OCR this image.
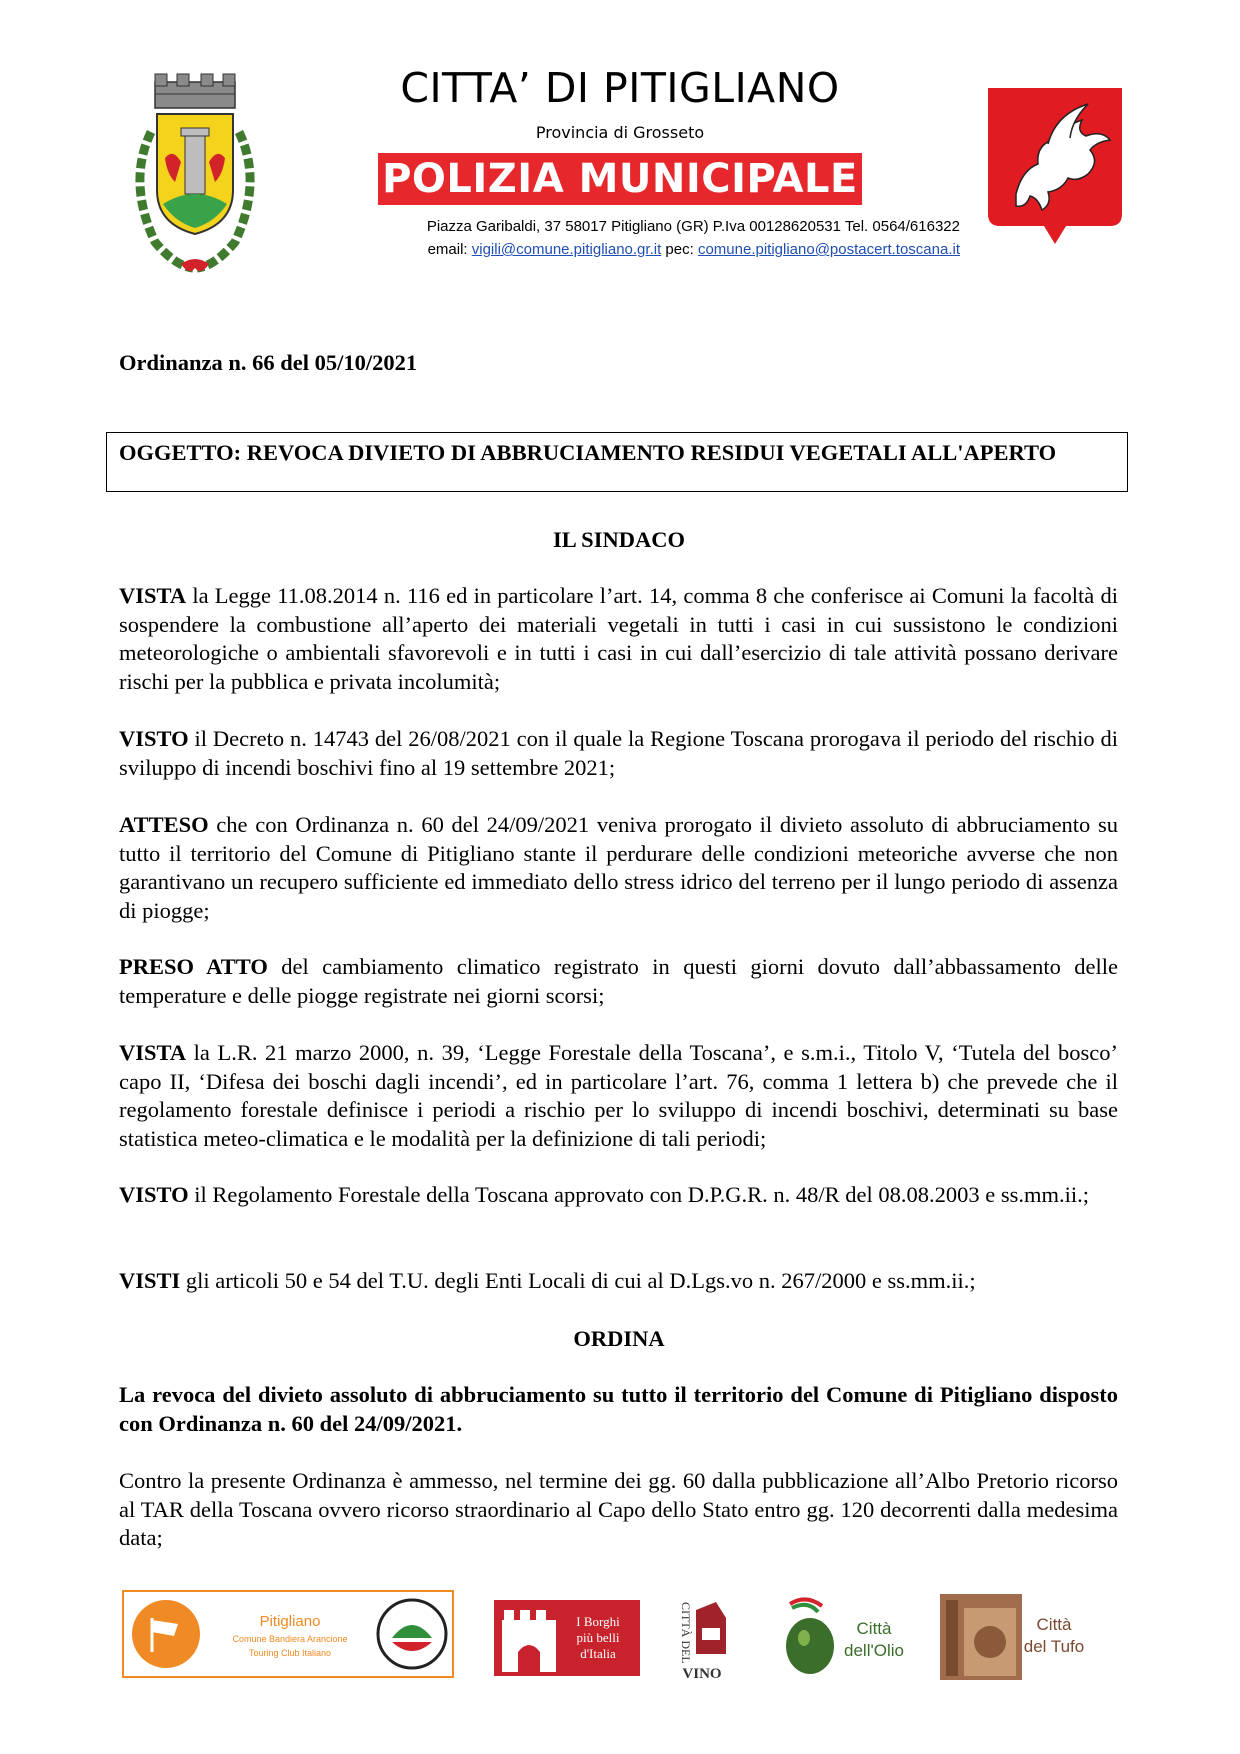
CITTA’ DI PITIGLIANO
Provincia di Grosseto
POLIZIA MUNICIPALE
Piazza Garibaldi, 37 58017 Pitigliano (GR) P.Iva 00128620531 Tel. 0564/616322
email: vigili@comune.pitigliano.gr.it pec: comune.pitigliano@postacert.toscana.it
Ordinanza n. 66 del 05/10/2021
OGGETTO: REVOCA DIVIETO DI ABBRUCIAMENTO RESIDUI VEGETALI ALL'APERTO
IL SINDACO

VISTA la Legge 11.08.2014 n. 116 ed in particolare l’art. 14, comma 8 che conferisce ai Comuni la facoltà di sospendere la combustione all’aperto dei materiali vegetali in tutti i casi in cui sussistono le condizioni meteorologiche o ambientali sfavorevoli e in tutti i casi in cui dall’esercizio di tale attività possano derivare rischi per la pubblica e privata incolumità;

VISTO il Decreto n. 14743 del 26/08/2021 con il quale la Regione Toscana prorogava il periodo del rischio di sviluppo di incendi boschivi fino al 19 settembre 2021;

ATTESO che con Ordinanza n. 60 del 24/09/2021 veniva prorogato il divieto assoluto di abbruciamento su tutto il territorio del Comune di Pitigliano stante il perdurare delle condizioni meteoriche avverse che non garantivano un recupero sufficiente ed immediato dello stress idrico del terreno per il lungo periodo di assenza di piogge;

PRESO ATTO del cambiamento climatico registrato in questi giorni dovuto dall’abbassamento delle temperature e delle piogge registrate nei giorni scorsi;

VISTA la L.R. 21 marzo 2000, n. 39, ‘Legge Forestale della Toscana’, e s.m.i., Titolo V, ‘Tutela del bosco’ capo II, ‘Difesa dei boschi dagli incendi’, ed in particolare l’art. 76, comma 1 lettera b) che prevede che il regolamento forestale definisce i periodi a rischio per lo sviluppo di incendi boschivi, determinati su base statistica meteo-climatica e le modalità per la definizione di tali periodi;

VISTO il Regolamento Forestale della Toscana approvato con D.P.G.R. n. 48/R del 08.08.2003 e ss.mm.ii.;

VISTI gli articoli 50 e 54 del T.U. degli Enti Locali di cui al D.Lgs.vo n. 267/2000 e ss.mm.ii.;

ORDINA

La revoca del divieto assoluto di abbruciamento su tutto il territorio del Comune di Pitigliano disposto con Ordinanza n. 60 del 24/09/2021.

Contro la presente Ordinanza è ammesso, nel termine dei gg. 60 dalla pubblicazione all’Albo Pretorio ricorso al TAR della Toscana ovvero ricorso straordinario al Capo dello Stato entro gg. 120 decorrenti dalla medesima data;

Pitigliano
Comune Bandiera Arancione
Touring Club Italiano
I Borghi
più belli
d'Italia	CITTÀ DEL
VINO
Città
dell'Olio
Città
del Tufo
